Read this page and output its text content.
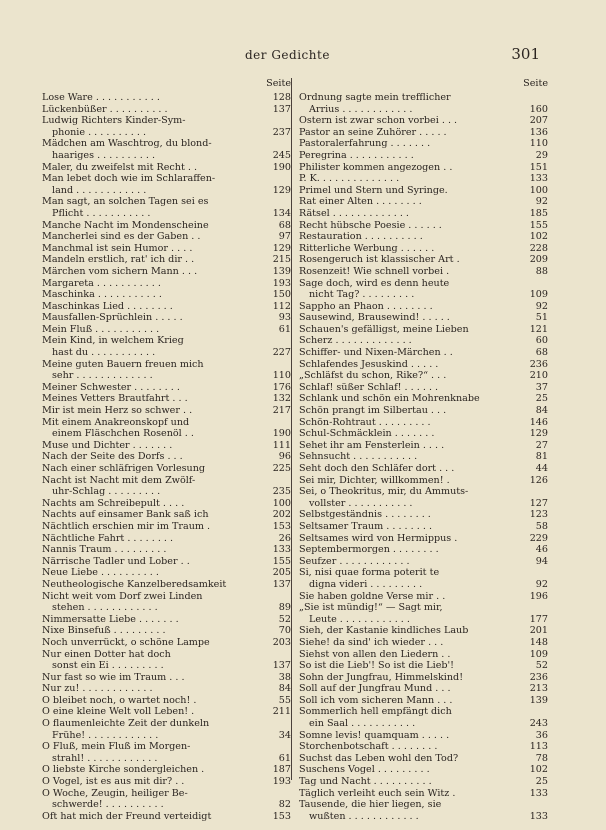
der Gedichte	301
Seite
Lose Ware . . . . . . . . . . .	128
Lückenbüßer . . . . . . . . . .	137
Ludwig Richters Kinder-Sym-
phonie . . . . . . . . . .	237
Mädchen am Waschtrog, du blond-
haariges . . . . . . . . . .	245
Maler, du zweifelst mit Recht . .	190
Man lebet doch wie im Schlaraffen-
land . . . . . . . . . . . .	129
Man sagt, an solchen Tagen sei es
Pflicht . . . . . . . . . . .	134
Manche Nacht im Mondenscheine	68
Mancherlei sind es der Gaben . .	97
Manchmal ist sein Humor . . . .	129
Mandeln erstlich, rat' ich dir . .	215
Märchen vom sichern Mann . . .	139
Margareta . . . . . . . . . . .	193
Maschinka . . . . . . . . . . .	150
Maschinkas Lied . . . . . . . .	112
Mausfallen-Sprüchlein . . . . .	93
Mein Fluß . . . . . . . . . . .	61
Mein Kind, in welchem Krieg
hast du . . . . . . . . . . .	227
Meine guten Bauern freuen mich
sehr . . . . . . . . . . . . .	110
Meiner Schwester . . . . . . . .	176
Meines Vetters Brautfahrt . . .	132
Mir ist mein Herz so schwer . .	217
Mit einem Anakreonskopf und
einem Fläschchen Rosenöl . .	190
Muse und Dichter . . . . . . .	111
Nach der Seite des Dorfs . . .	96
Nach einer schläfrigen Vorlesung	225
Nacht ist Nacht mit dem Zwölf-
uhr-Schlag . . . . . . . . .	235
Nachts am Schreibepult . . . .	100
Nachts auf einsamer Bank saß ich	202
Nächtlich erschien mir im Traum .	153
Nächtliche Fahrt . . . . . . . .	26
Nannis Traum . . . . . . . . .	133
Närrische Tadler und Lober . .	155
Neue Liebe . . . . . . . . . .	205
Neutheologische Kanzelberedsamkeit	137
Nicht weit vom Dorf zwei Linden
stehen . . . . . . . . . . . .	89
Nimmersatte Liebe . . . . . . .	52
Nixe Binsefuß . . . . . . . . .	70
Noch unverrückt, o schöne Lampe	203
Nur einen Dotter hat doch
sonst ein Ei . . . . . . . . .	137
Nur fast so wie im Traum . . .	38
Nur zu! . . . . . . . . . . . .	84
O bleibet noch, o wartet noch! .	55
O eine kleine Welt voll Leben! .	211
O flaumenleichte Zeit der dunkeln
Frühe! . . . . . . . . . . . .	34
O Fluß, mein Fluß im Morgen-
strahl! . . . . . . . . . . . .	61
O liebste Kirche sondergleichen .	187
O Vogel, ist es aus mit dir? . .	193
O Woche, Zeugin, heiliger Be-
schwerde! . . . . . . . . . .	82
Oft hat mich der Freund verteidigt	153
Seite
Ordnung sagte mein trefflicher
Arrius . . . . . . . . . . . .	160
Ostern ist zwar schon vorbei . . .	207
Pastor an seine Zuhörer . . . . .	136
Pastoralerfahrung . . . . . . .	110
Peregrina . . . . . . . . . . .	29
Philister kommen angezogen . .	151
P. K. . . . . . . . . . . . . .	133
Primel und Stern und Syringe.	100
Rat einer Alten . . . . . . . .	92
Rätsel . . . . . . . . . . . . .	185
Recht hübsche Poesie . . . . . .	155
Restauration . . . . . . . . . .	102
Ritterliche Werbung . . . . . .	228
Rosengeruch ist klassischer Art .	209
Rosenzeit! Wie schnell vorbei .	88
Sage doch, wird es denn heute
nicht Tag? . . . . . . . . .	109
Sappho an Phaon . . . . . . . .	92
Sausewind, Brausewind! . . . . .	51
Schauen's gefälligst, meine Lieben	121
Scherz . . . . . . . . . . . . .	60
Schiffer- und Nixen-Märchen . .	68
Schlafendes Jesuskind . . . . .	236
„Schläfst du schon, Rike?“ . . .	210
Schlaf! süßer Schlaf! . . . . . .	37
Schlank und schön ein Mohrenknabe	25
Schön prangt im Silbertau . . .	84
Schön-Rohtraut . . . . . . . . .	146
Schul-Schmäcklein . . . . . . .	129
Sehet ihr am Fensterlein . . . .	27
Sehnsucht . . . . . . . . . . .	81
Seht doch den Schläfer dort . . .	44
Sei mir, Dichter, willkommen! .	126
Sei, o Theokritus, mir, du Ammuts-
vollster . . . . . . . . . . .	127
Selbstgeständnis . . . . . . . .	123
Seltsamer Traum . . . . . . . .	58
Seltsames wird von Hermippus .	229
Septembermorgen . . . . . . . .	46
Seufzer . . . . . . . . . . . .	94
Si, nisi quae forma poterit te
digna videri . . . . . . . . .	92
Sie haben goldne Verse mir . .	196
„Sie ist mündig!“ — Sagt mir,
Leute . . . . . . . . . . . .	177
Sieh, der Kastanie kindliches Laub	201
Siehe! da sind' ich wieder . . .	148
Siehst von allen den Liedern . .	109
So ist die Lieb'! So ist die Lieb'!	52
Sohn der Jungfrau, Himmelskind!	236
Soll auf der Jungfrau Mund . . .	213
Soll ich vom sicheren Mann . . .	139
Sommerlich hell empfängt dich
ein Saal . . . . . . . . . . .	243
Somne levis! quamquam . . . . .	36
Storchenbotschaft . . . . . . . .	113
Suchst das Leben wohl den Tod?	78
Suschens Vogel . . . . . . . . .	102
Tag und Nacht . . . . . . . . . .	25
Täglich verleiht euch sein Witz .	133
Tausende, die hier liegen, sie
wußten . . . . . . . . . . . .	133
